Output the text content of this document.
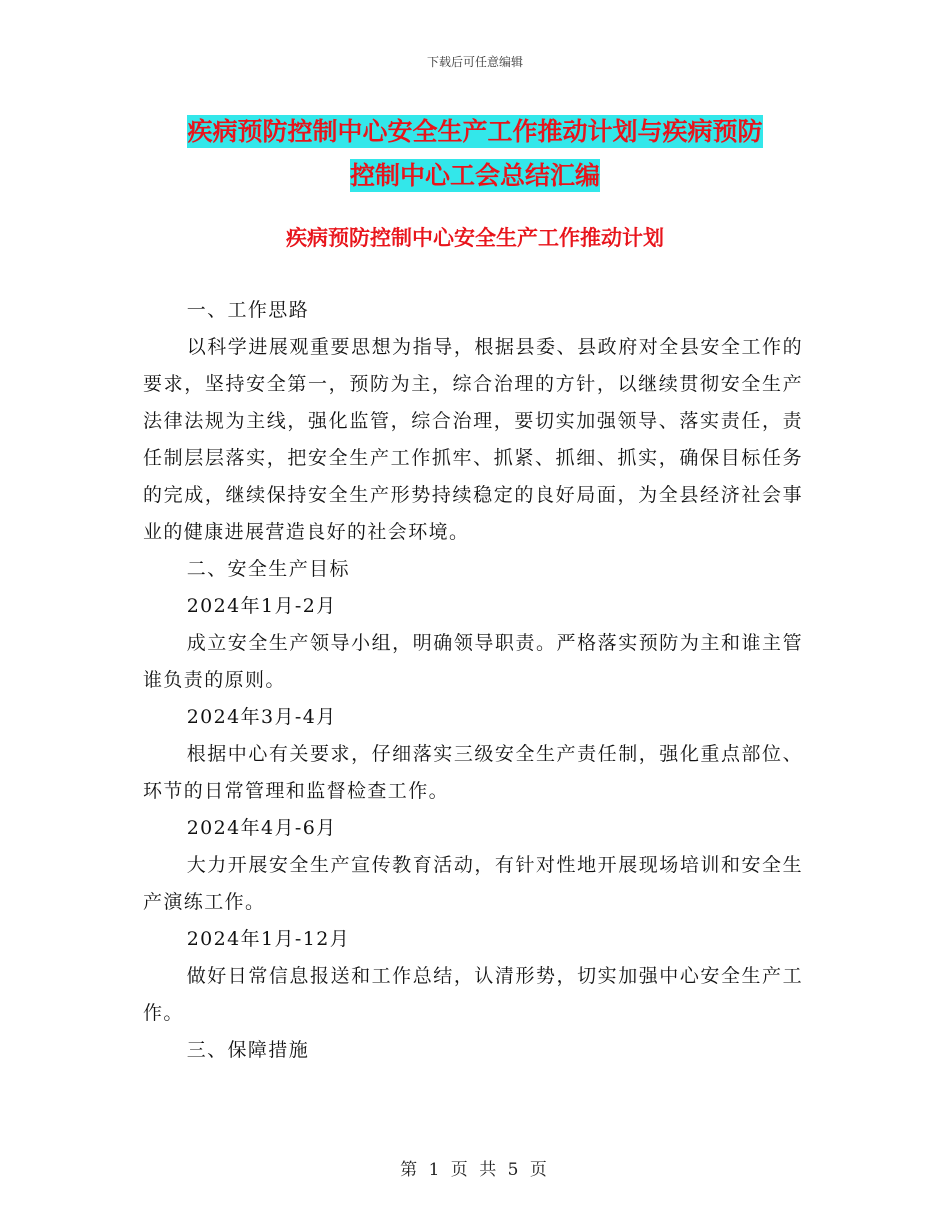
下载后可任意编辑
疾病预防控制中心安全生产工作推动计划与疾病预防
控制中心工会总结汇编
疾病预防控制中心安全生产工作推动计划

一、工作思路

以科学进展观重要思想为指导，根据县委、县政府对全县安全工作的要求，坚持安全第一，预防为主，综合治理的方针，以继续贯彻安全生产法律法规为主线，强化监管，综合治理，要切实加强领导、落实责任，责任制层层落实，把安全生产工作抓牢、抓紧、抓细、抓实，确保目标任务的完成，继续保持安全生产形势持续稳定的良好局面，为全县经济社会事业的健康进展营造良好的社会环境。

二、安全生产目标

2024年1月-2月

成立安全生产领导小组，明确领导职责。严格落实预防为主和谁主管谁负责的原则。

2024年3月-4月

根据中心有关要求，仔细落实三级安全生产责任制，强化重点部位、环节的日常管理和监督检查工作。

2024年4月-6月

大力开展安全生产宣传教育活动，有针对性地开展现场培训和安全生产演练工作。

2024年1月-12月

做好日常信息报送和工作总结，认清形势，切实加强中心安全生产工作。

三、保障措施

第 1 页 共 5 页
